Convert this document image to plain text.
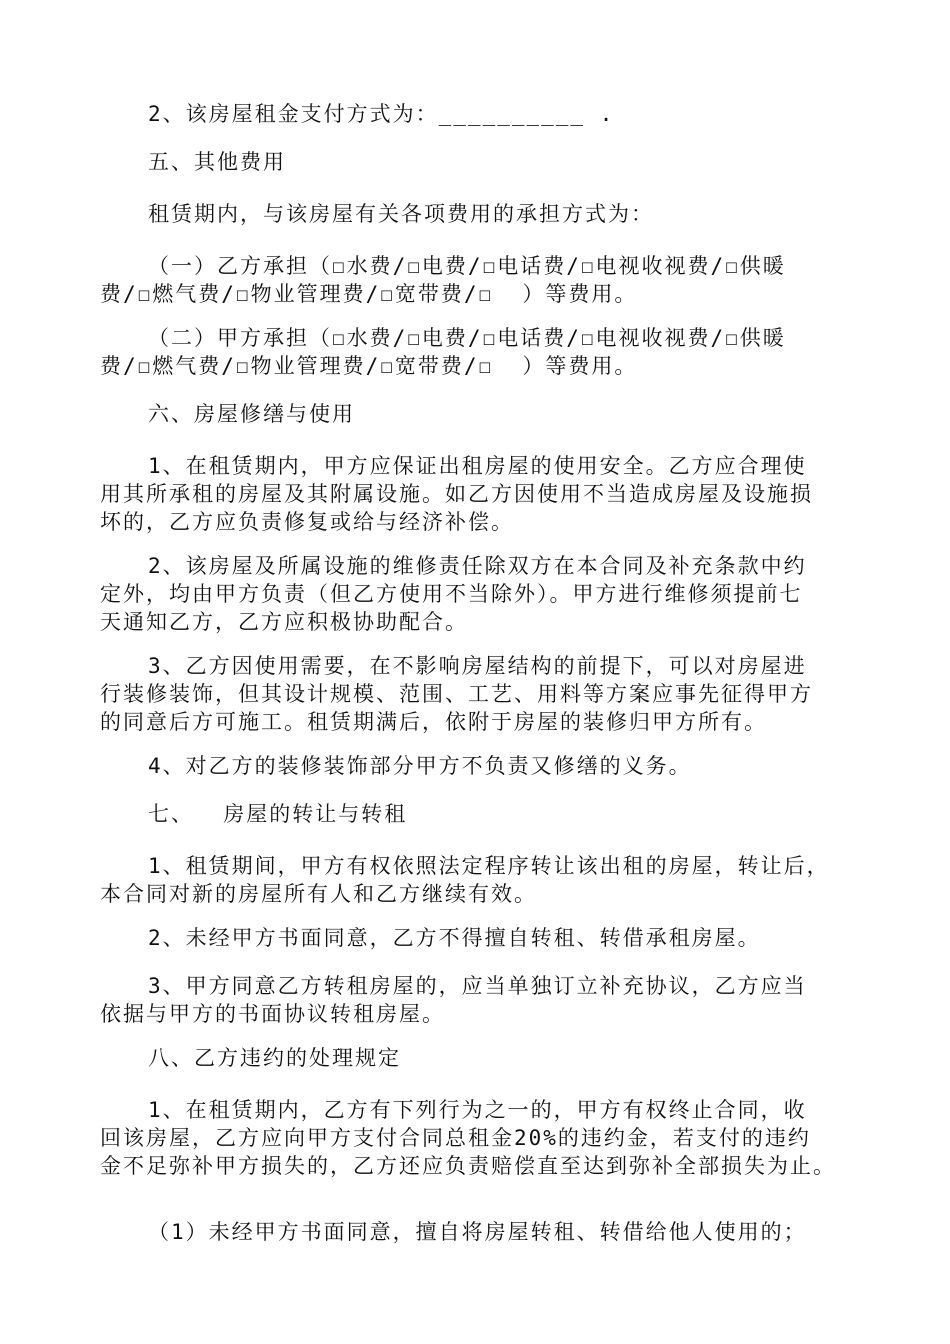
2、该房屋租金支付方式为：__________ .
五、其他费用
租赁期内，与该房屋有关各项费用的承担方式为：
（一）乙方承担（☐水费/☐电费/☐电话费/☐电视收视费/☐供暖
费/☐燃气费/☐物业管理费/☐宽带费/☐  ）等费用。
（二）甲方承担（☐水费/☐电费/☐电话费/☐电视收视费/☐供暖
费/☐燃气费/☐物业管理费/☐宽带费/☐  ）等费用。
六、房屋修缮与使用
1、在租赁期内，甲方应保证出租房屋的使用安全。乙方应合理使
用其所承租的房屋及其附属设施。如乙方因使用不当造成房屋及设施损
坏的，乙方应负责修复或给与经济补偿。
2、该房屋及所属设施的维修责任除双方在本合同及补充条款中约
定外，均由甲方负责（但乙方使用不当除外）。甲方进行维修须提前七
天通知乙方，乙方应积极协助配合。
3、乙方因使用需要，在不影响房屋结构的前提下，可以对房屋进
行装修装饰，但其设计规模、范围、工艺、用料等方案应事先征得甲方
的同意后方可施工。租赁期满后，依附于房屋的装修归甲方所有。
4、对乙方的装修装饰部分甲方不负责又修缮的义务。
七、  房屋的转让与转租
1、租赁期间，甲方有权依照法定程序转让该出租的房屋，转让后，
本合同对新的房屋所有人和乙方继续有效。
2、未经甲方书面同意，乙方不得擅自转租、转借承租房屋。
3、甲方同意乙方转租房屋的，应当单独订立补充协议，乙方应当
依据与甲方的书面协议转租房屋。
八、乙方违约的处理规定
1、在租赁期内，乙方有下列行为之一的，甲方有权终止合同，收
回该房屋，乙方应向甲方支付合同总租金20%的违约金，若支付的违约
金不足弥补甲方损失的，乙方还应负责赔偿直至达到弥补全部损失为止。
（1）未经甲方书面同意，擅自将房屋转租、转借给他人使用的；
